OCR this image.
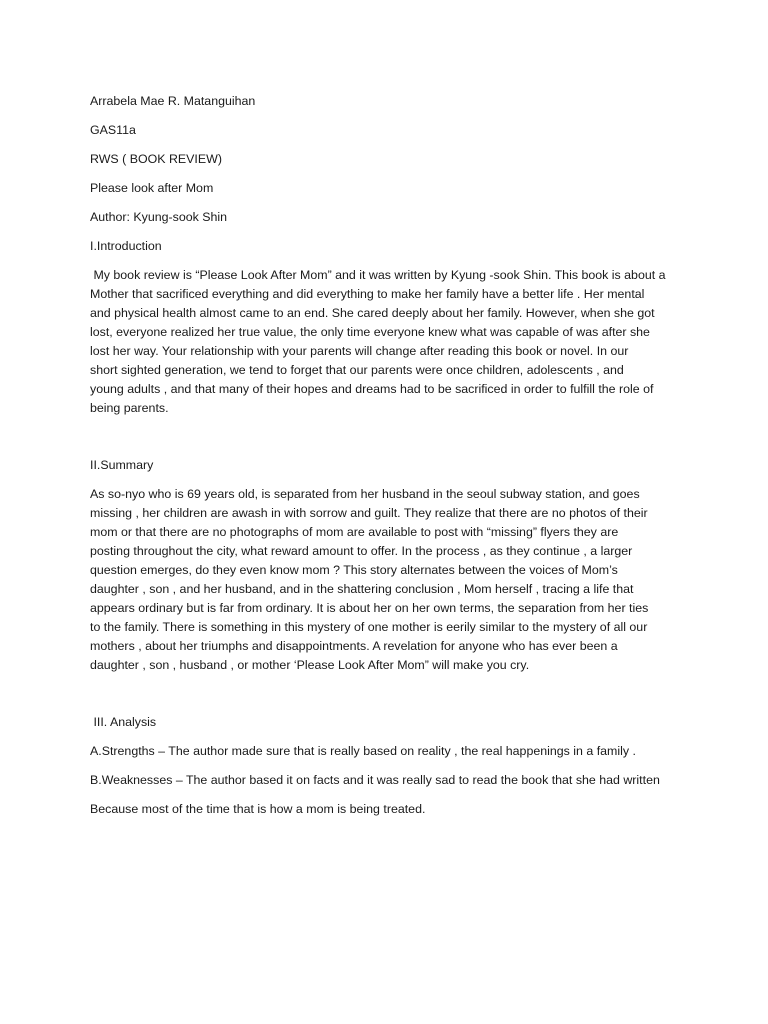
Arrabela Mae R. Matanguihan
GAS11a
RWS ( BOOK REVIEW)
Please look after Mom
Author: Kyung-sook Shin
I.Introduction
My book review is “Please Look After Mom” and it was written by Kyung -sook Shin. This book is about a
Mother that sacrificed everything and did everything to make her family have a better life . Her mental
and physical health almost came to an end. She cared deeply about her family. However, when she got
lost, everyone realized her true value, the only time everyone knew what was capable of was after she
lost her way. Your relationship with your parents will change after reading this book or novel. In our
short sighted generation, we tend to forget that our parents were once children, adolescents , and
young adults , and that many of their hopes and dreams had to be sacrificed in order to fulfill the role of
being parents.
II.Summary
As so-nyo who is 69 years old, is separated from her husband in the seoul subway station, and goes
missing , her children are awash in with sorrow and guilt. They realize that there are no photos of their
mom or that there are no photographs of mom are available to post with “missing” flyers they are
posting throughout the city, what reward amount to offer. In the process , as they continue , a larger
question emerges, do they even know mom ? This story alternates between the voices of Mom’s
daughter , son , and her husband, and in the shattering conclusion , Mom herself , tracing a life that
appears ordinary but is far from ordinary. It is about her on her own terms, the separation from her ties
to the family. There is something in this mystery of one mother is eerily similar to the mystery of all our
mothers , about her triumphs and disappointments. A revelation for anyone who has ever been a
daughter , son , husband , or mother ‘Please Look After Mom” will make you cry.
III. Analysis
A.Strengths – The author made sure that is really based on reality , the real happenings in a family .
B.Weaknesses – The author based it on facts and it was really sad to read the book that she had written
Because most of the time that is how a mom is being treated.
